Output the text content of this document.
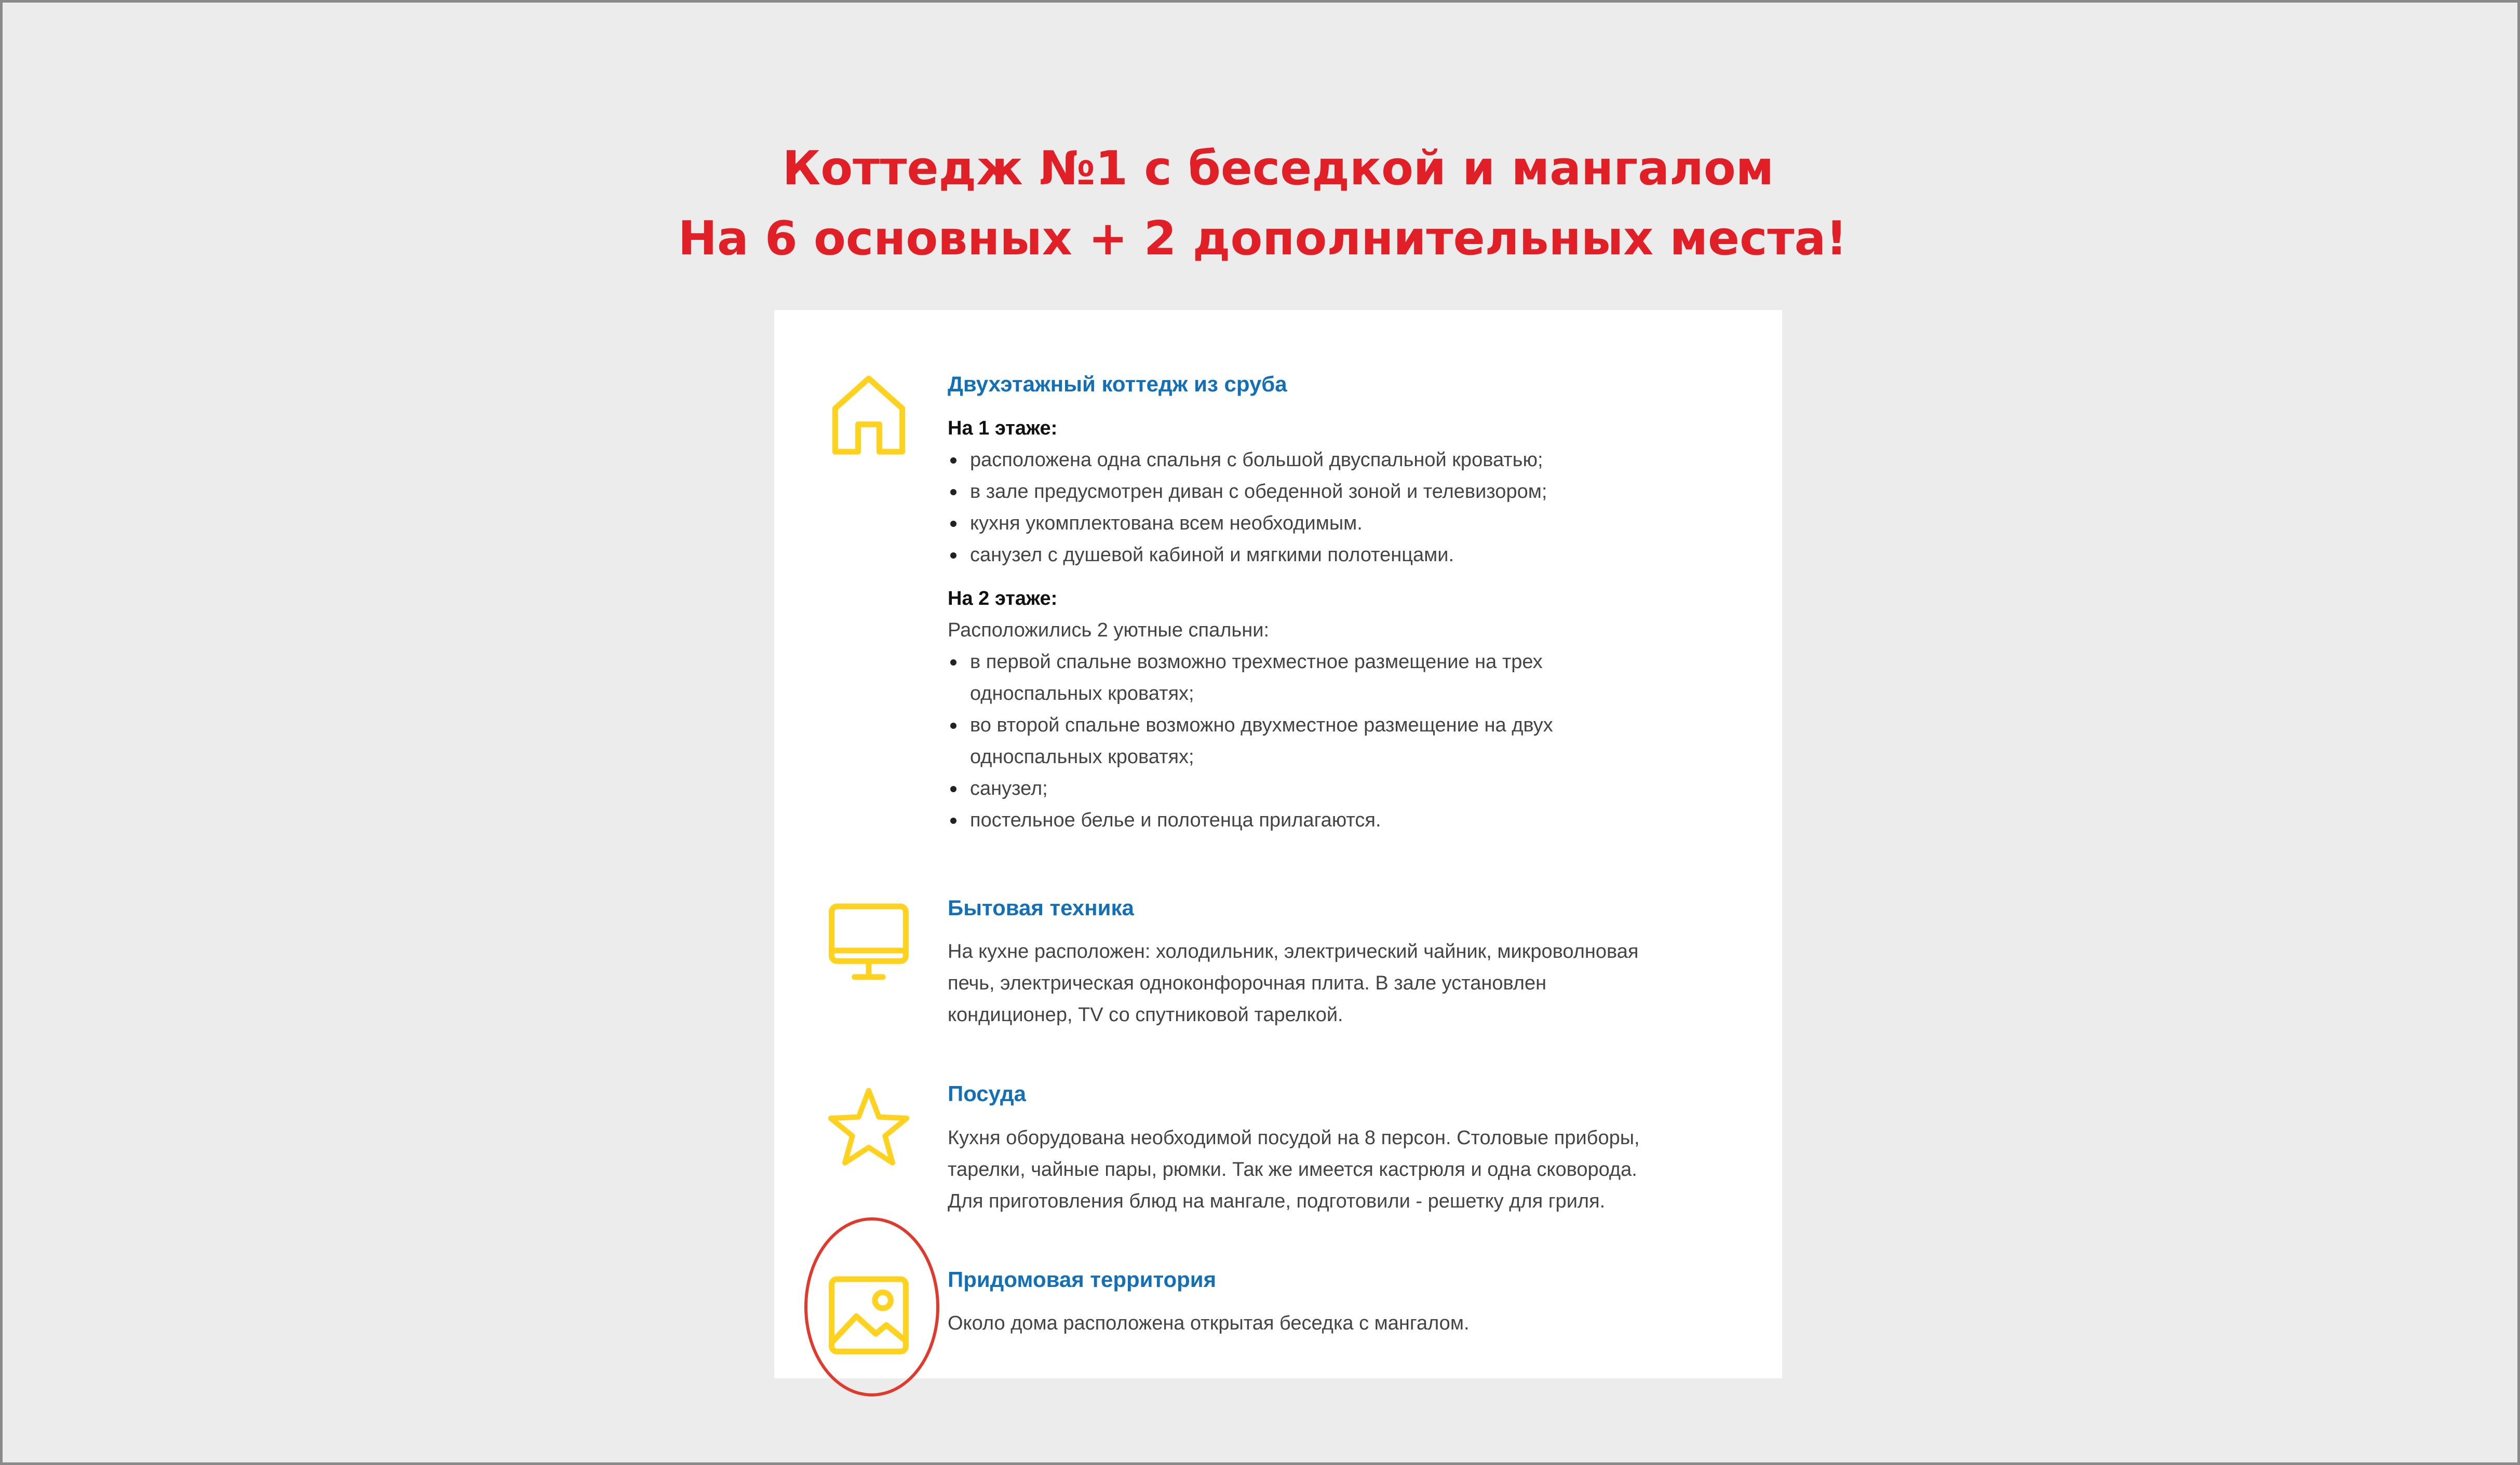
Коттедж №1 с беседкой и мангалом
На 6 основных + 2 дополнительных места!
Двухэтажный коттедж из сруба
На 1 этаже:
расположена одна спальня с большой двуспальной кроватью;
в зале предусмотрен диван с обеденной зоной и телевизором;
кухня укомплектована всем необходимым.
санузел с душевой кабиной и мягкими полотенцами.
На 2 этаже:
Расположились 2 уютные спальни:
в первой спальне возможно трехместное размещение на трех
односпальных кроватях;
во второй спальне возможно двухместное размещение на двух
односпальных кроватях;
санузел;
постельное белье и полотенца прилагаются.
Бытовая техника
На кухне расположен: холодильник, электрический чайник, микроволновая
печь, электрическая одноконфорочная плита. В зале установлен
кондиционер, TV со спутниковой тарелкой.
Посуда
Кухня оборудована необходимой посудой на 8 персон. Столовые приборы,
тарелки, чайные пары, рюмки. Так же имеется кастрюля и одна сковорода.
Для приготовления блюд на мангале, подготовили - решетку для гриля.
Придомовая территория
Около дома расположена открытая беседка с мангалом.
